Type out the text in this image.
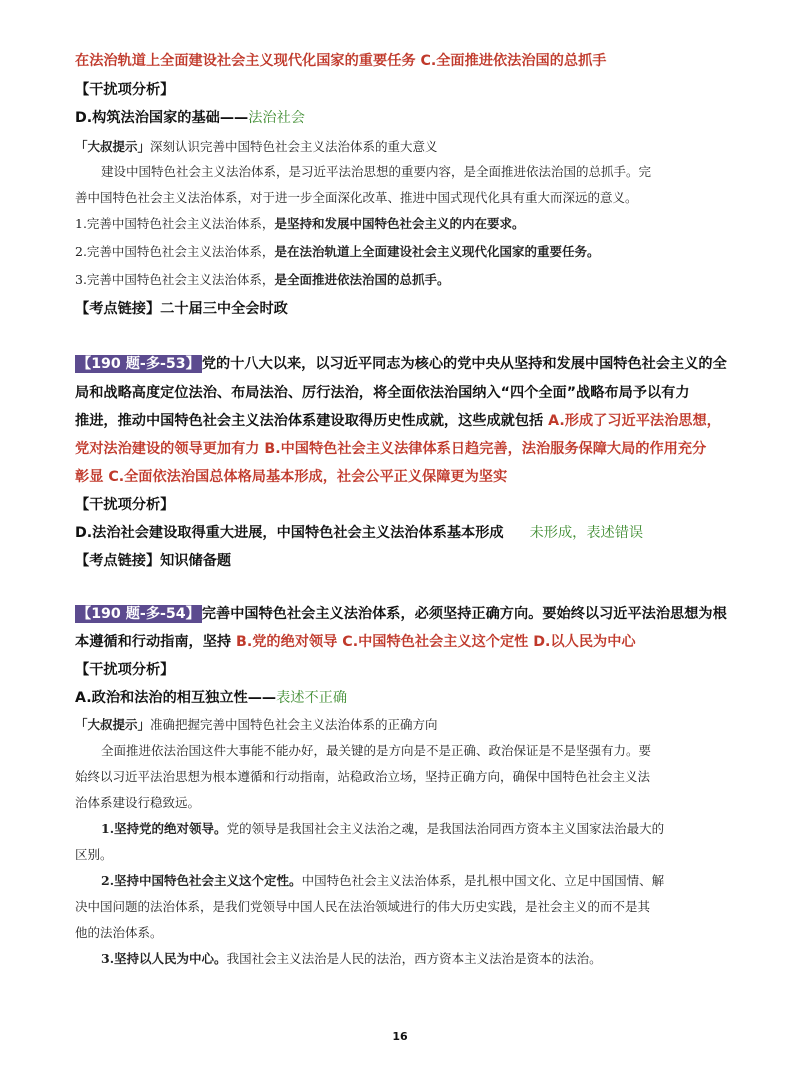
在法治轨道上全面建设社会主义现代化国家的重要任务 C.全面推进依法治国的总抓手
【干扰项分析】
D.构筑法治国家的基础——法治社会
「大叔提示」深刻认识完善中国特色社会主义法治体系的重大意义
建设中国特色社会主义法治体系，是习近平法治思想的重要内容，是全面推进依法治国的总抓手。完
善中国特色社会主义法治体系，对于进一步全面深化改革、推进中国式现代化具有重大而深远的意义。
1.完善中国特色社会主义法治体系，是坚持和发展中国特色社会主义的内在要求。
2.完善中国特色社会主义法治体系，是在法治轨道上全面建设社会主义现代化国家的重要任务。
3.完善中国特色社会主义法治体系，是全面推进依法治国的总抓手。
【考点链接】二十届三中全会时政
【190 题-多-53】 党的十八大以来，以习近平同志为核心的党中央从坚持和发展中国特色社会主义的全
局和战略高度定位法治、布局法治、厉行法治，将全面依法治国纳入“四个全面”战略布局予以有力
推进，推动中国特色社会主义法治体系建设取得历史性成就，这些成就包括 A.形成了习近平法治思想，
党对法治建设的领导更加有力 B.中国特色社会主义法律体系日趋完善，法治服务保障大局的作用充分
彰显 C.全面依法治国总体格局基本形成，社会公平正义保障更为坚实
【干扰项分析】
D.法治社会建设取得重大进展，中国特色社会主义法治体系基本形成 未形成，表述错误
【考点链接】知识储备题
【190 题-多-54】 完善中国特色社会主义法治体系，必须坚持正确方向。要始终以习近平法治思想为根
本遵循和行动指南，坚持 B.党的绝对领导 C.中国特色社会主义这个定性 D.以人民为中心
【干扰项分析】
A.政治和法治的相互独立性——表述不正确
「大叔提示」准确把握完善中国特色社会主义法治体系的正确方向
全面推进依法治国这件大事能不能办好，最关键的是方向是不是正确、政治保证是不是坚强有力。要
始终以习近平法治思想为根本遵循和行动指南，站稳政治立场，坚持正确方向，确保中国特色社会主义法
治体系建设行稳致远。
1.坚持党的绝对领导。党的领导是我国社会主义法治之魂，是我国法治同西方资本主义国家法治最大的
区别。
2.坚持中国特色社会主义这个定性。中国特色社会主义法治体系，是扎根中国文化、立足中国国情、解
决中国问题的法治体系，是我们党领导中国人民在法治领域进行的伟大历史实践，是社会主义的而不是其
他的法治体系。
3.坚持以人民为中心。我国社会主义法治是人民的法治，西方资本主义法治是资本的法治。
16
